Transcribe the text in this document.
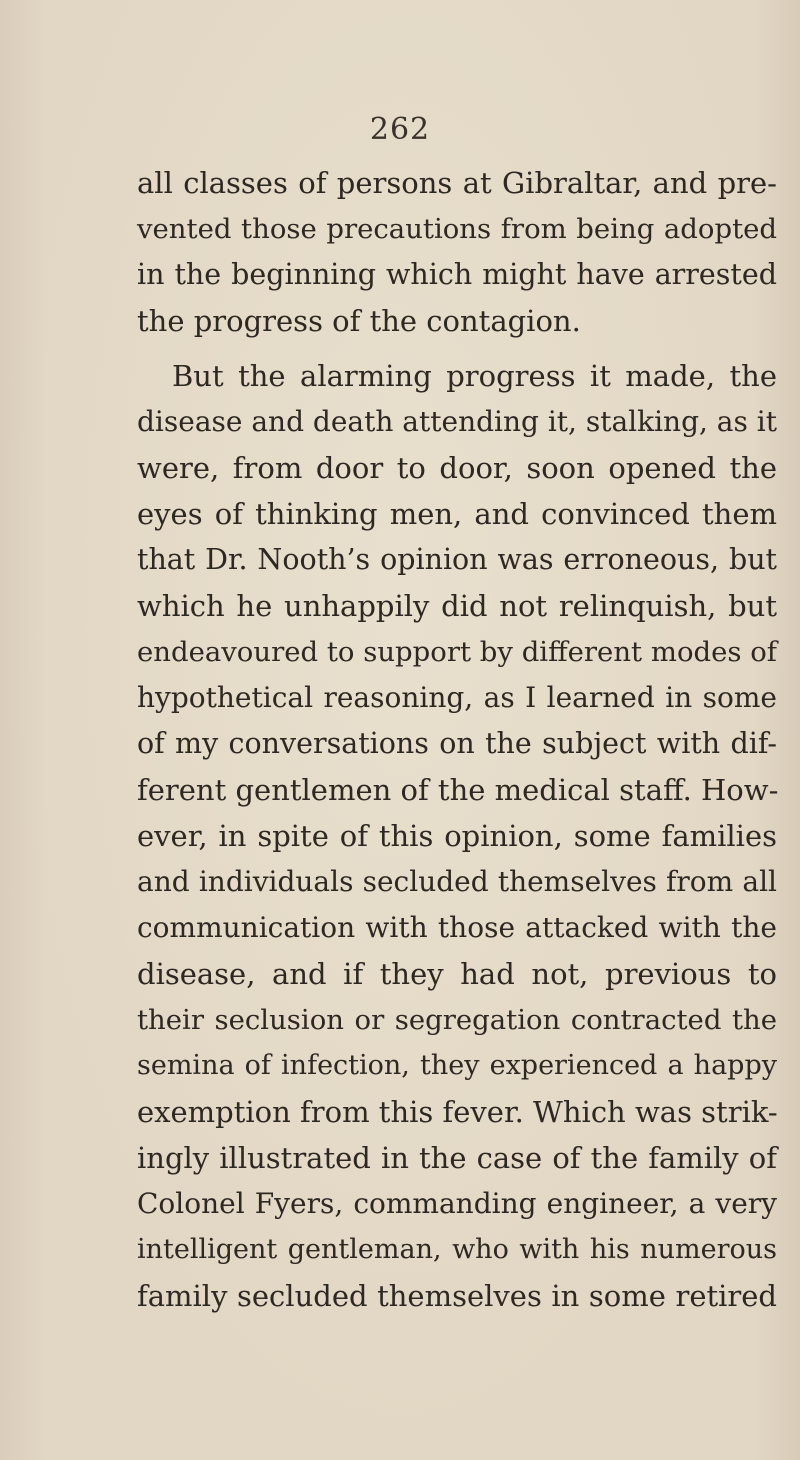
262
all classes of persons at Gibraltar, and pre-
vented those precautions from being adopted
in the beginning which might have arrested
the progress of the contagion.
But the alarming progress it made, the
disease and death attending it, stalking, as it
were, from door to door, soon opened the
eyes of thinking men, and convinced them
that Dr. Nooth’s opinion was erroneous, but
which he unhappily did not relinquish, but
endeavoured to support by different modes of
hypothetical reasoning, as I learned in some
of my conversations on the subject with dif-
ferent gentlemen of the medical staff. How-
ever, in spite of this opinion, some families
and individuals secluded themselves from all
communication with those attacked with the
disease, and if they had not, previous to
their seclusion or segregation contracted the
semina of infection, they experienced a happy
exemption from this fever. Which was strik-
ingly illustrated in the case of the family of
Colonel Fyers, commanding engineer, a very
intelligent gentleman, who with his numerous
family secluded themselves in some retired
